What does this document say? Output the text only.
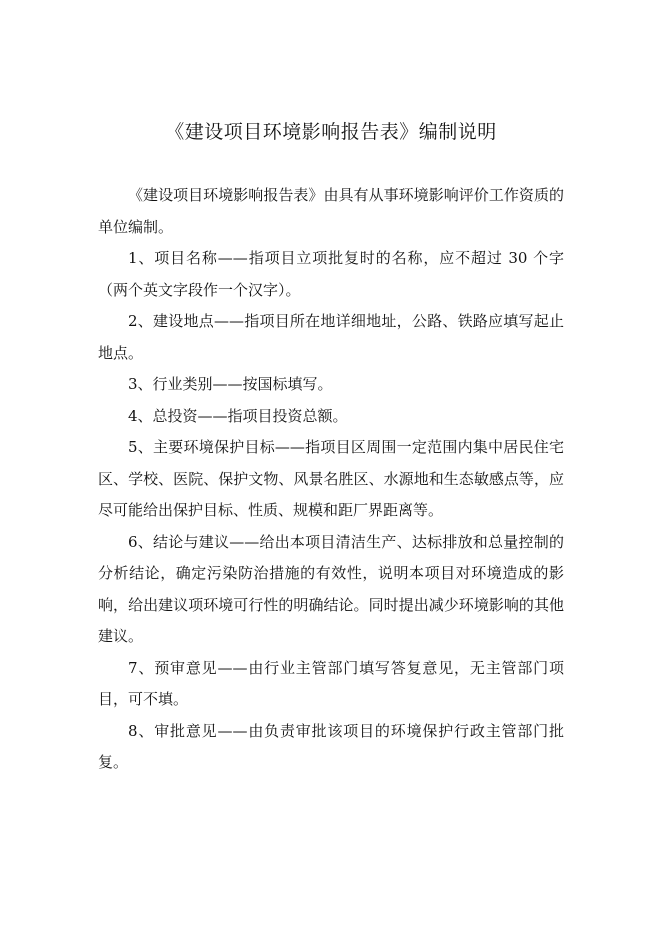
《建设项目环境影响报告表》编制说明

《建设项目环境影响报告表》由具有从事环境影响评价工作资质的单位编制。

1、项目名称——指项目立项批复时的名称，应不超过 30 个字（两个英文字段作一个汉字）。

2、建设地点——指项目所在地详细地址，公路、铁路应填写起止地点。

3、行业类别——按国标填写。

4、总投资——指项目投资总额。

5、主要环境保护目标——指项目区周围一定范围内集中居民住宅区、学校、医院、保护文物、风景名胜区、水源地和生态敏感点等，应尽可能给出保护目标、性质、规模和距厂界距离等。

6、结论与建议——给出本项目清洁生产、达标排放和总量控制的分析结论，确定污染防治措施的有效性，说明本项目对环境造成的影响，给出建议项环境可行性的明确结论。同时提出减少环境影响的其他建议。

7、预审意见——由行业主管部门填写答复意见，无主管部门项目，可不填。

8、审批意见——由负责审批该项目的环境保护行政主管部门批复。
